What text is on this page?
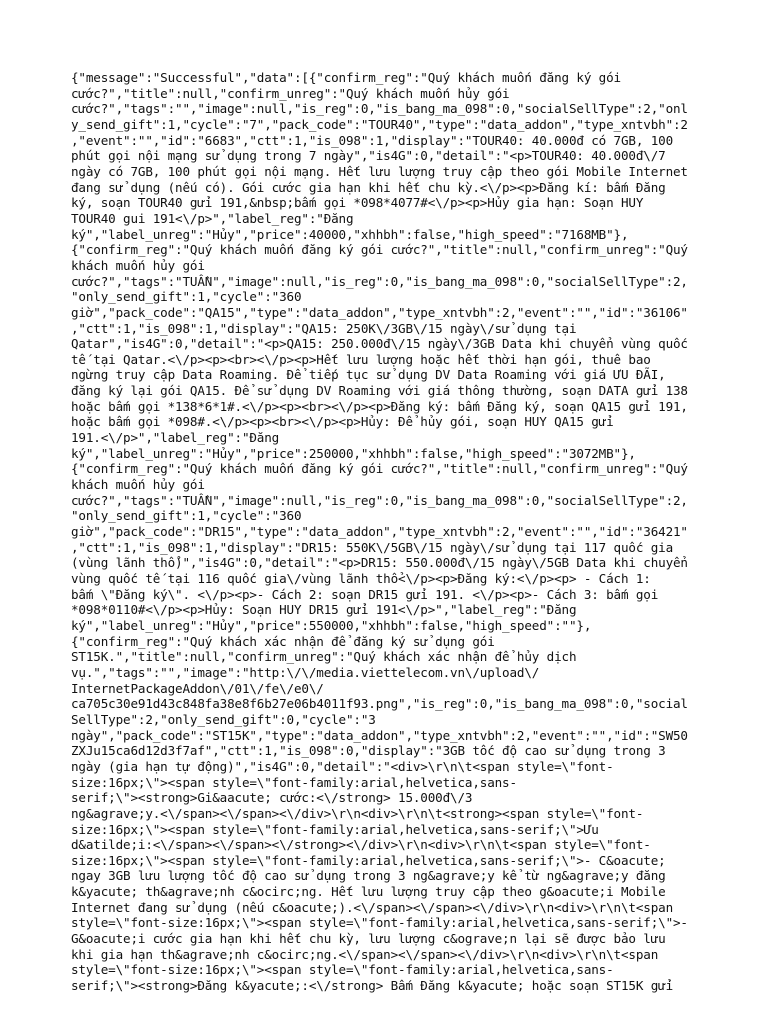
{"message":"Successful","data":[{"confirm_reg":"Quý khách muốn đăng ký gói
cước?","title":null,"confirm_unreg":"Quý khách muốn hủy gói
cước?","tags":"","image":null,"is_reg":0,"is_bang_ma_098":0,"socialSellType":2,"onl
y_send_gift":1,"cycle":"7","pack_code":"TOUR40","type":"data_addon","type_xntvbh":2
,"event":"","id":"6683","ctt":1,"is_098":1,"display":"TOUR40: 40.000đ có 7GB, 100
phút gọi nội mạng sử dụng trong 7 ngày","is4G":0,"detail":"<p>TOUR40: 40.000đ\/7
ngày có 7GB, 100 phút gọi nội mạng. Hết lưu lượng truy cập theo gói Mobile Internet
đang sử dụng (nếu có). Gói cước gia hạn khi hết chu kỳ.<\/p><p>Đăng kí: bấm Đăng
ký, soạn TOUR40 gửi 191,&nbsp;bấm gọi *098*4077#<\/p><p>Hủy gia hạn: Soạn HUY
TOUR40 gui 191<\/p>","label_reg":"Đăng
ký","label_unreg":"Hủy","price":40000,"xhhbh":false,"high_speed":"7168MB"},
{"confirm_reg":"Quý khách muốn đăng ký gói cước?","title":null,"confirm_unreg":"Quý
khách muốn hủy gói
cước?","tags":"TUẦN","image":null,"is_reg":0,"is_bang_ma_098":0,"socialSellType":2,
"only_send_gift":1,"cycle":"360
giờ","pack_code":"QA15","type":"data_addon","type_xntvbh":2,"event":"","id":"36106"
,"ctt":1,"is_098":1,"display":"QA15: 250K\/3GB\/15 ngày\/sử dụng tại
Qatar","is4G":0,"detail":"<p>QA15: 250.000đ\/15 ngày\/3GB Data khi chuyển vùng quốc
tế tại Qatar.<\/p><p><br><\/p><p>Hết lưu lượng hoặc hết thời hạn gói, thuê bao
ngừng truy cập Data Roaming. Để tiếp tục sử dụng DV Data Roaming với giá ƯU ĐÃI,
đăng ký lại gói QA15. Để sử dụng DV Roaming với giá thông thường, soạn DATA gửi 138
hoặc bấm gọi *138*6*1#.<\/p><p><br><\/p><p>Đăng ký: bấm Đăng ký, soạn QA15 gửi 191,
hoặc bấm gọi *098#.<\/p><p><br><\/p><p>Hủy: Để hủy gói, soạn HUY QA15 gửi
191.<\/p>","label_reg":"Đăng
ký","label_unreg":"Hủy","price":250000,"xhhbh":false,"high_speed":"3072MB"},
{"confirm_reg":"Quý khách muốn đăng ký gói cước?","title":null,"confirm_unreg":"Quý
khách muốn hủy gói
cước?","tags":"TUẦN","image":null,"is_reg":0,"is_bang_ma_098":0,"socialSellType":2,
"only_send_gift":1,"cycle":"360
giờ","pack_code":"DR15","type":"data_addon","type_xntvbh":2,"event":"","id":"36421"
,"ctt":1,"is_098":1,"display":"DR15: 550K\/5GB\/15 ngày\/sử dụng tại 117 quốc gia
(vùng lãnh thổ)","is4G":0,"detail":"<p>DR15: 550.000đ\/15 ngày\/5GB Data khi chuyển
vùng quốc tế tại 116 quốc gia\/vùng lãnh thổ<\/p><p>Đăng ký:<\/p><p> - Cách 1:
bấm \"Đăng ký\". <\/p><p>- Cách 2: soạn DR15 gửi 191. <\/p><p>- Cách 3: bấm gọi
*098*0110#<\/p><p>Hủy: Soạn HUY DR15 gửi 191<\/p>","label_reg":"Đăng
ký","label_unreg":"Hủy","price":550000,"xhhbh":false,"high_speed":""},
{"confirm_reg":"Quý khách xác nhận để đăng ký sử dụng gói
ST15K.","title":null,"confirm_unreg":"Quý khách xác nhận để hủy dịch
vụ.","tags":"","image":"http:\/\/media.viettelecom.vn\/upload\/
InternetPackageAddon\/01\/fe\/e0\/
ca705c30e91d43c848fa38e8f6b27e06b4011f93.png","is_reg":0,"is_bang_ma_098":0,"social
SellType":2,"only_send_gift":0,"cycle":"3
ngày","pack_code":"ST15K","type":"data_addon","type_xntvbh":2,"event":"","id":"SW50
ZXJu15ca6d12d3f7af","ctt":1,"is_098":0,"display":"3GB tốc độ cao sử dụng trong 3
ngày (gia hạn tự động)","is4G":0,"detail":"<div>\r\n\t<span style=\"font-
size:16px;\"><span style=\"font-family:arial,helvetica,sans-
serif;\"><strong>Gi&aacute; cước:<\/strong> 15.000đ\/3
ng&agrave;y.<\/span><\/span><\/div>\r\n<div>\r\n\t<strong><span style=\"font-
size:16px;\"><span style=\"font-family:arial,helvetica,sans-serif;\">Ưu
d&atilde;i:<\/span><\/span><\/strong><\/div>\r\n<div>\r\n\t<span style=\"font-
size:16px;\"><span style=\"font-family:arial,helvetica,sans-serif;\">- C&oacute;
ngay 3GB lưu lượng tốc độ cao sử dụng trong 3 ng&agrave;y kể từ ng&agrave;y đăng
k&yacute; th&agrave;nh c&ocirc;ng. Hết lưu lượng truy cập theo g&oacute;i Mobile
Internet đang sử dụng (nếu c&oacute;).<\/span><\/span><\/div>\r\n<div>\r\n\t<span
style=\"font-size:16px;\"><span style=\"font-family:arial,helvetica,sans-serif;\">-
G&oacute;i cước gia hạn khi hết chu kỳ, lưu lượng c&ograve;n lại sẽ được bảo lưu
khi gia hạn th&agrave;nh c&ocirc;ng.<\/span><\/span><\/div>\r\n<div>\r\n\t<span
style=\"font-size:16px;\"><span style=\"font-family:arial,helvetica,sans-
serif;\"><strong>Đăng k&yacute;:<\/strong> Bấm Đăng k&yacute; hoặc soạn ST15K gửi
